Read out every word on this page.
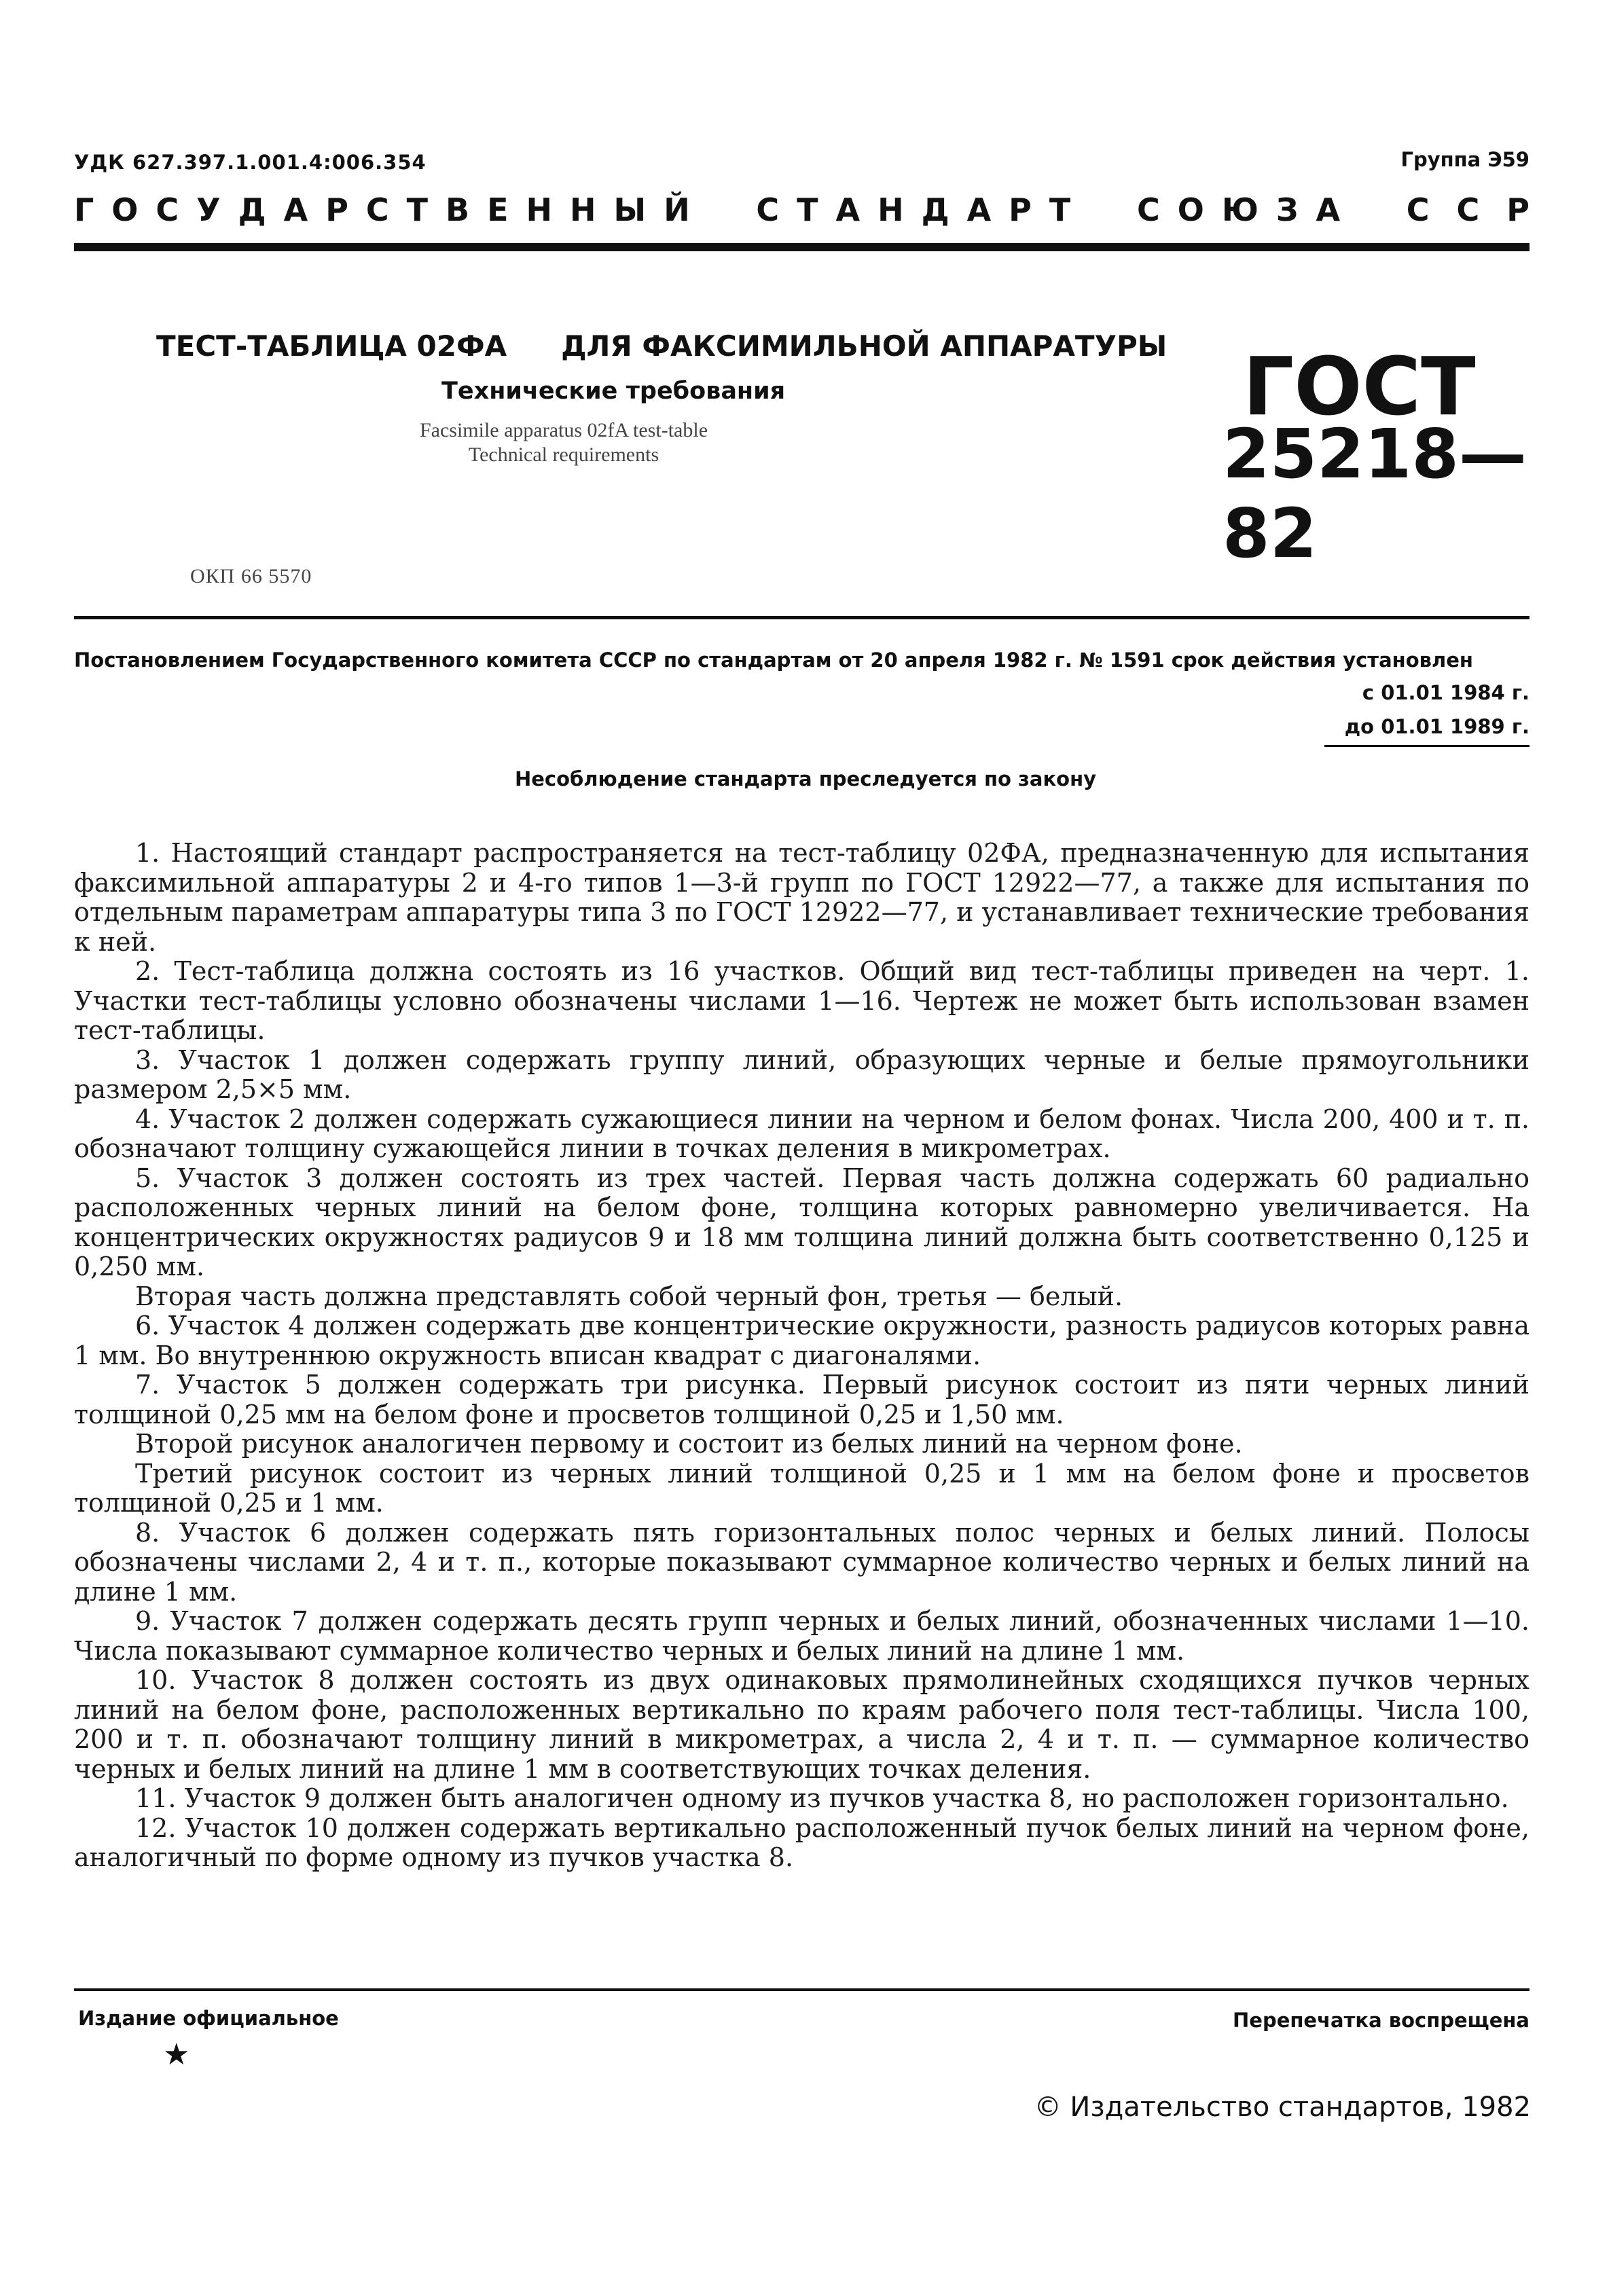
УДК 627.397.1.001.4:006.354	Группа Э59
ГОСУДАРСТВЕННЫЙ СТАНДАРТ СОЮЗА ССР
ТЕСТ-ТАБЛИЦА 02ФА ДЛЯ ФАКСИМИЛЬНОЙ АППАРАТУРЫ
Технические требования
Facsimile apparatus 02fA test-table
Technical requirements
ГОСТ
25218—82
ОКП 66 5570
Постановлением Государственного комитета СССР по стандартам от 20 апреля 1982 г. № 1591 срок действия установлен
с 01.01 1984 г.
до 01.01 1989 г.
Несоблюдение стандарта преследуется по закону

1. Настоящий стандарт распространяется на тест-таблицу 02ФА, предназначенную для испытания факсимильной аппаратуры 2 и 4-го типов 1—3-й групп по ГОСТ 12922—77, а также для испытания по отдельным параметрам аппаратуры типа 3 по ГОСТ 12922—77, и устанавливает технические требования к ней.

2. Тест-таблица должна состоять из 16 участков. Общий вид тест-таблицы приведен на черт. 1. Участки тест-таблицы условно обозначены числами 1—16. Чертеж не может быть использован взамен тест-таблицы.

3. Участок 1 должен содержать группу линий, образующих черные и белые прямоугольники размером 2,5×5 мм.

4. Участок 2 должен содержать сужающиеся линии на черном и белом фонах. Числа 200, 400 и т. п. обозначают толщину сужающейся линии в точках деления в микрометрах.

5. Участок 3 должен состоять из трех частей. Первая часть должна содержать 60 радиально расположенных черных линий на белом фоне, толщина которых равномерно увеличивается. На концентрических окружностях радиусов 9 и 18 мм толщина линий должна быть соответственно 0,125 и 0,250 мм.

Вторая часть должна представлять собой черный фон, третья — белый.

6. Участок 4 должен содержать две концентрические окружности, разность радиусов которых равна 1 мм. Во внутреннюю окружность вписан квадрат с диагоналями.

7. Участок 5 должен содержать три рисунка. Первый рисунок состоит из пяти черных линий толщиной 0,25 мм на белом фоне и просветов толщиной 0,25 и 1,50 мм.

Второй рисунок аналогичен первому и состоит из белых линий на черном фоне.

Третий рисунок состоит из черных линий толщиной 0,25 и 1 мм на белом фоне и просветов толщиной 0,25 и 1 мм.

8. Участок 6 должен содержать пять горизонтальных полос черных и белых линий. Полосы обозначены числами 2, 4 и т. п., которые показывают суммарное количество черных и белых линий на длине 1 мм.

9. Участок 7 должен содержать десять групп черных и белых линий, обозначенных числами 1—10. Числа показывают суммарное количество черных и белых линий на длине 1 мм.

10. Участок 8 должен состоять из двух одинаковых прямолинейных сходящихся пучков черных линий на белом фоне, расположенных вертикально по краям рабочего поля тест-таблицы. Числа 100, 200 и т. п. обозначают толщину линий в микрометрах, а числа 2, 4 и т. п. — суммарное количество черных и белых линий на длине 1 мм в соответствующих точках деления.

11. Участок 9 должен быть аналогичен одному из пучков участка 8, но расположен горизонтально.

12. Участок 10 должен содержать вертикально расположенный пучок белых линий на черном фоне, аналогичный по форме одному из пучков участка 8.

Издание официальное	Перепечатка воспрещена
★
© Издательство стандартов, 1982
